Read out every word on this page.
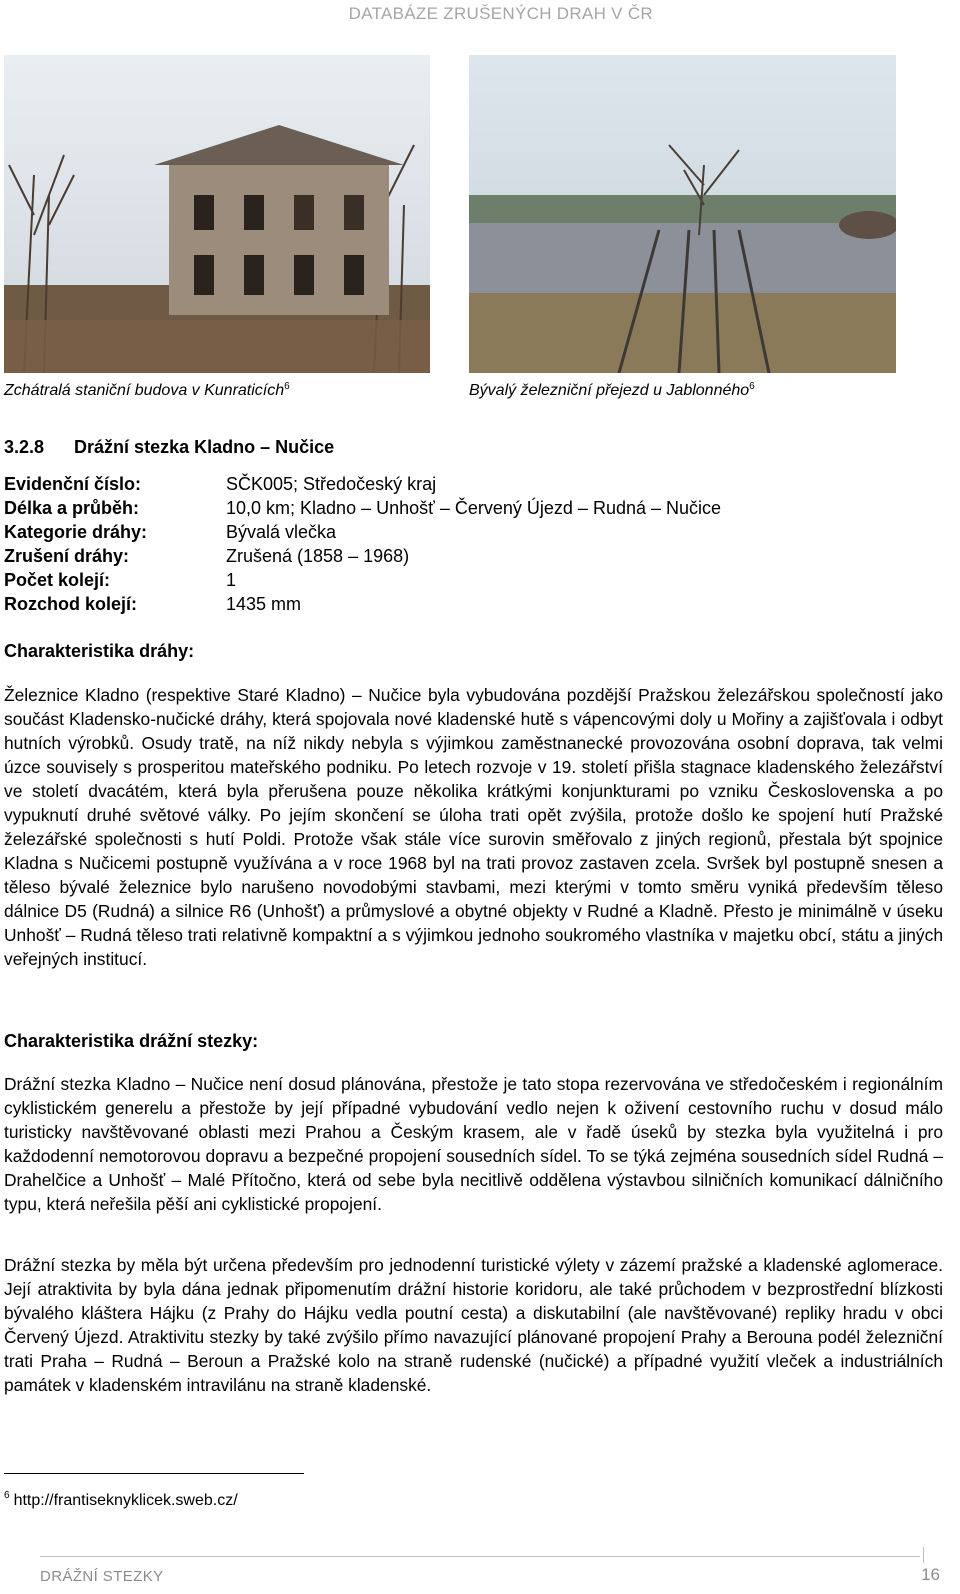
DATABÁZE ZRUŠENÝCH DRAH V ČR
Zchátralá staniční budova v Kunraticích$^6$	Bývalý železniční přejezd u Jablonného$^6$
3.2.8 Drážní stezka Kladno – Nučice
Evidenční číslo:	SČK005; Středočeský kraj
Délka a průběh:	10,0 km; Kladno – Unhošť – Červený Újezd – Rudná – Nučice
Kategorie dráhy:	Bývalá vlečka
Zrušení dráhy:	Zrušená (1858 – 1968)
Počet kolejí:	1
Rozchod kolejí:	1435 mm
Charakteristika dráhy:
Železnice Kladno (respektive Staré Kladno) – Nučice byla vybudována pozdější Pražskou železářskou společností jako součást Kladensko-nučické dráhy, která spojovala nové kladenské hutě s vápencovými doly u Mořiny a zajišťovala i odbyt hutních výrobků. Osudy tratě, na níž nikdy nebyla s výjimkou zaměstnanecké provozována osobní doprava, tak velmi úzce souvisely s prosperitou mateřského podniku. Po letech rozvoje v 19. století přišla stagnace kladenského železářství ve století dvacátém, která byla přerušena pouze několika krátkými konjunkturami po vzniku Československa a po vypuknutí druhé světové války. Po jejím skončení se úloha trati opět zvýšila, protože došlo ke spojení hutí Pražské železářské společnosti s hutí Poldi. Protože však stále více surovin směřovalo z jiných regionů, přestala být spojnice Kladna s Nučicemi postupně využívána a v roce 1968 byl na trati provoz zastaven zcela. Svršek byl postupně snesen a těleso bývalé železnice bylo narušeno novodobými stavbami, mezi kterými v tomto směru vyniká především těleso dálnice D5 (Rudná) a silnice R6 (Unhošť) a průmyslové a obytné objekty v Rudné a Kladně. Přesto je minimálně v úseku Unhošť – Rudná těleso trati relativně kompaktní a s výjimkou jednoho soukromého vlastníka v majetku obcí, státu a jiných veřejných institucí.
Charakteristika drážní stezky:
Drážní stezka Kladno – Nučice není dosud plánována, přestože je tato stopa rezervována ve středočeském i regionálním cyklistickém generelu a přestože by její případné vybudování vedlo nejen k oživení cestovního ruchu v dosud málo turisticky navštěvované oblasti mezi Prahou a Českým krasem, ale v řadě úseků by stezka byla využitelná i pro každodenní nemotorovou dopravu a bezpečné propojení sousedních sídel. To se týká zejména sousedních sídel Rudná – Drahelčice a Unhošť – Malé Přítočno, která od sebe byla necitlivě oddělena výstavbou silničních komunikací dálničního typu, která neřešila pěší ani cyklistické propojení.
Drážní stezka by měla být určena především pro jednodenní turistické výlety v zázemí pražské a kladenské aglomerace. Její atraktivita by byla dána jednak připomenutím drážní historie koridoru, ale také průchodem v bezprostřední blízkosti bývalého kláštera Hájku (z Prahy do Hájku vedla poutní cesta) a diskutabilní (ale navštěvované) repliky hradu v obci Červený Újezd. Atraktivitu stezky by také zvýšilo přímo navazující plánované propojení Prahy a Berouna podél železniční trati Praha – Rudná – Beroun a Pražské kolo na straně rudenské (nučické) a případné využití vleček a industriálních památek v kladenském intravilánu na straně kladenské.
$^6$ http://frantiseknyklicek.sweb.cz/
DRÁŽNÍ STEZKY	16
